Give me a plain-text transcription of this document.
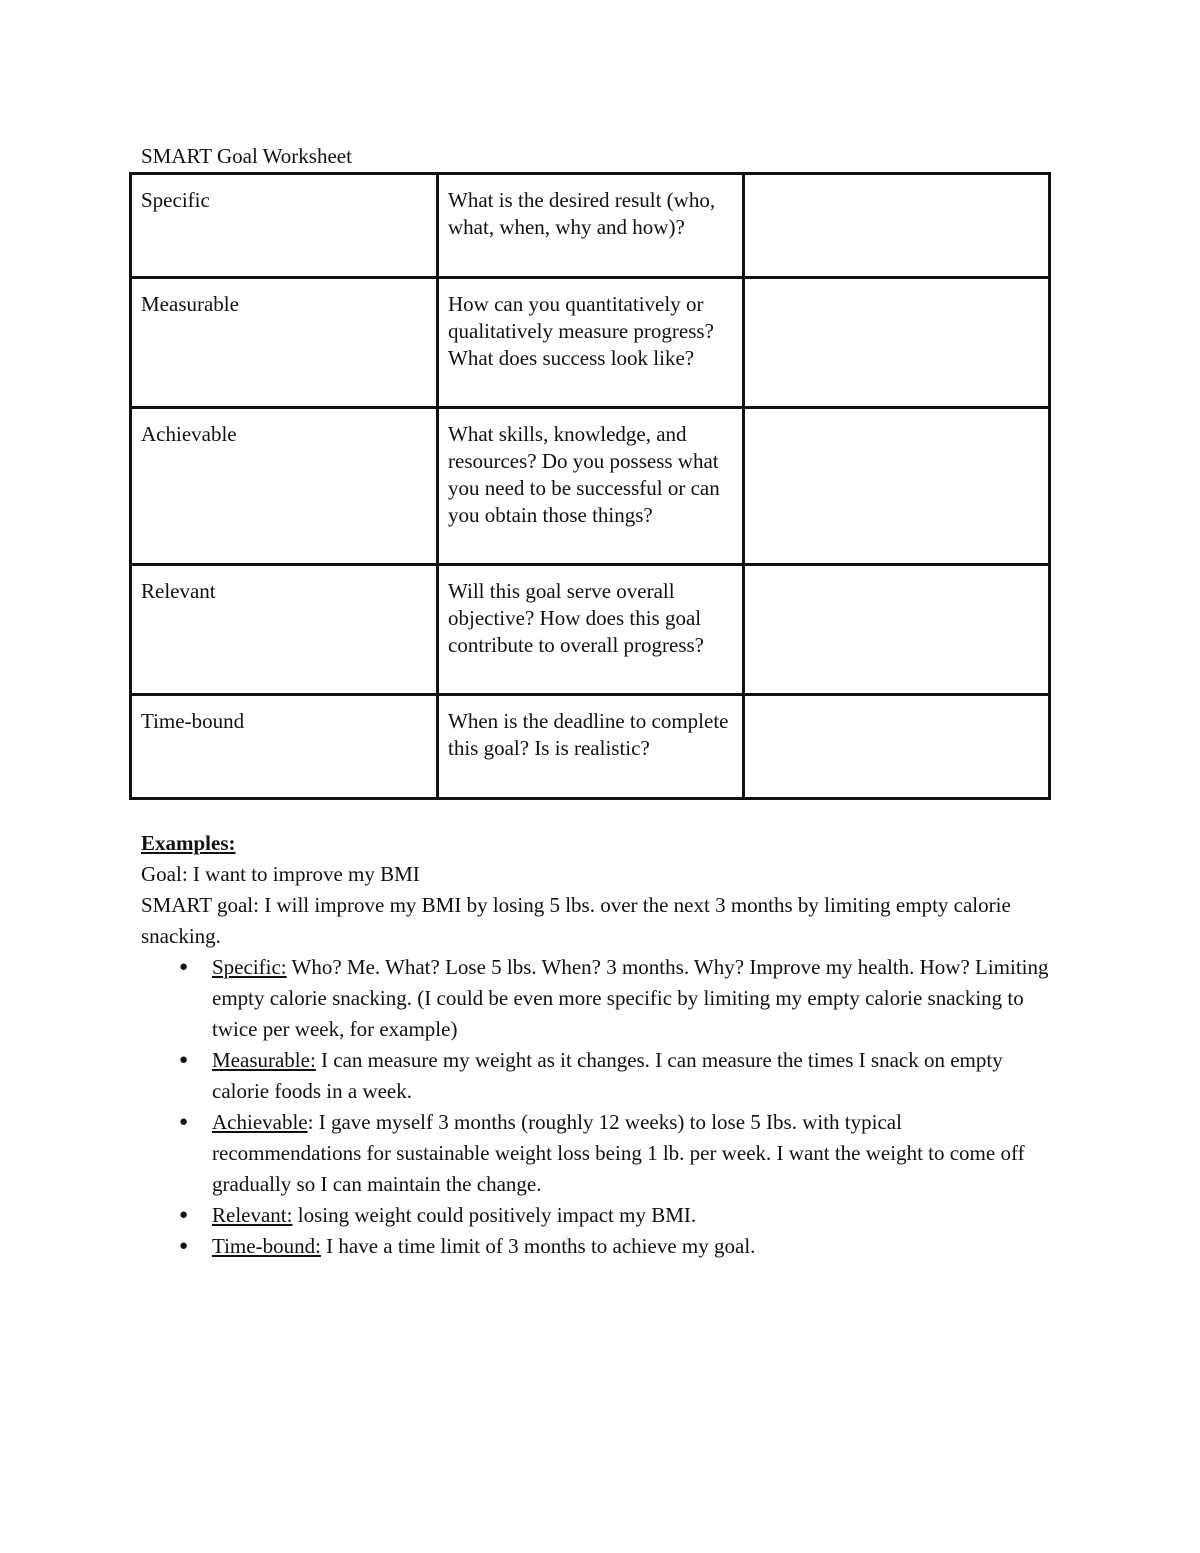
SMART Goal Worksheet
Specific	What is the desired result (who, what, when, why and how)?	
Measurable	How can you quantitatively or qualitatively measure progress? What does success look like?	
Achievable	What skills, knowledge, and resources? Do you possess what you need to be successful or can you obtain those things?	
Relevant	Will this goal serve overall objective? How does this goal contribute to overall progress?	
Time-bound	When is the deadline to complete this goal? Is is realistic?	

Examples:

Goal: I want to improve my BMI

SMART goal: I will improve my BMI by losing 5 lbs. over the next 3 months by limiting empty calorie snacking.

● Specific: Who? Me. What? Lose 5 lbs. When? 3 months. Why? Improve my health. How? Limiting empty calorie snacking. (I could be even more specific by limiting my empty calorie snacking to twice per week, for example)
● Measurable: I can measure my weight as it changes. I can measure the times I snack on empty calorie foods in a week.
● Achievable: I gave myself 3 months (roughly 12 weeks) to lose 5 Ibs. with typical recommendations for sustainable weight loss being 1 lb. per week. I want the weight to come off gradually so I can maintain the change.
● Relevant: losing weight could positively impact my BMI.
● Time-bound: I have a time limit of 3 months to achieve my goal.
